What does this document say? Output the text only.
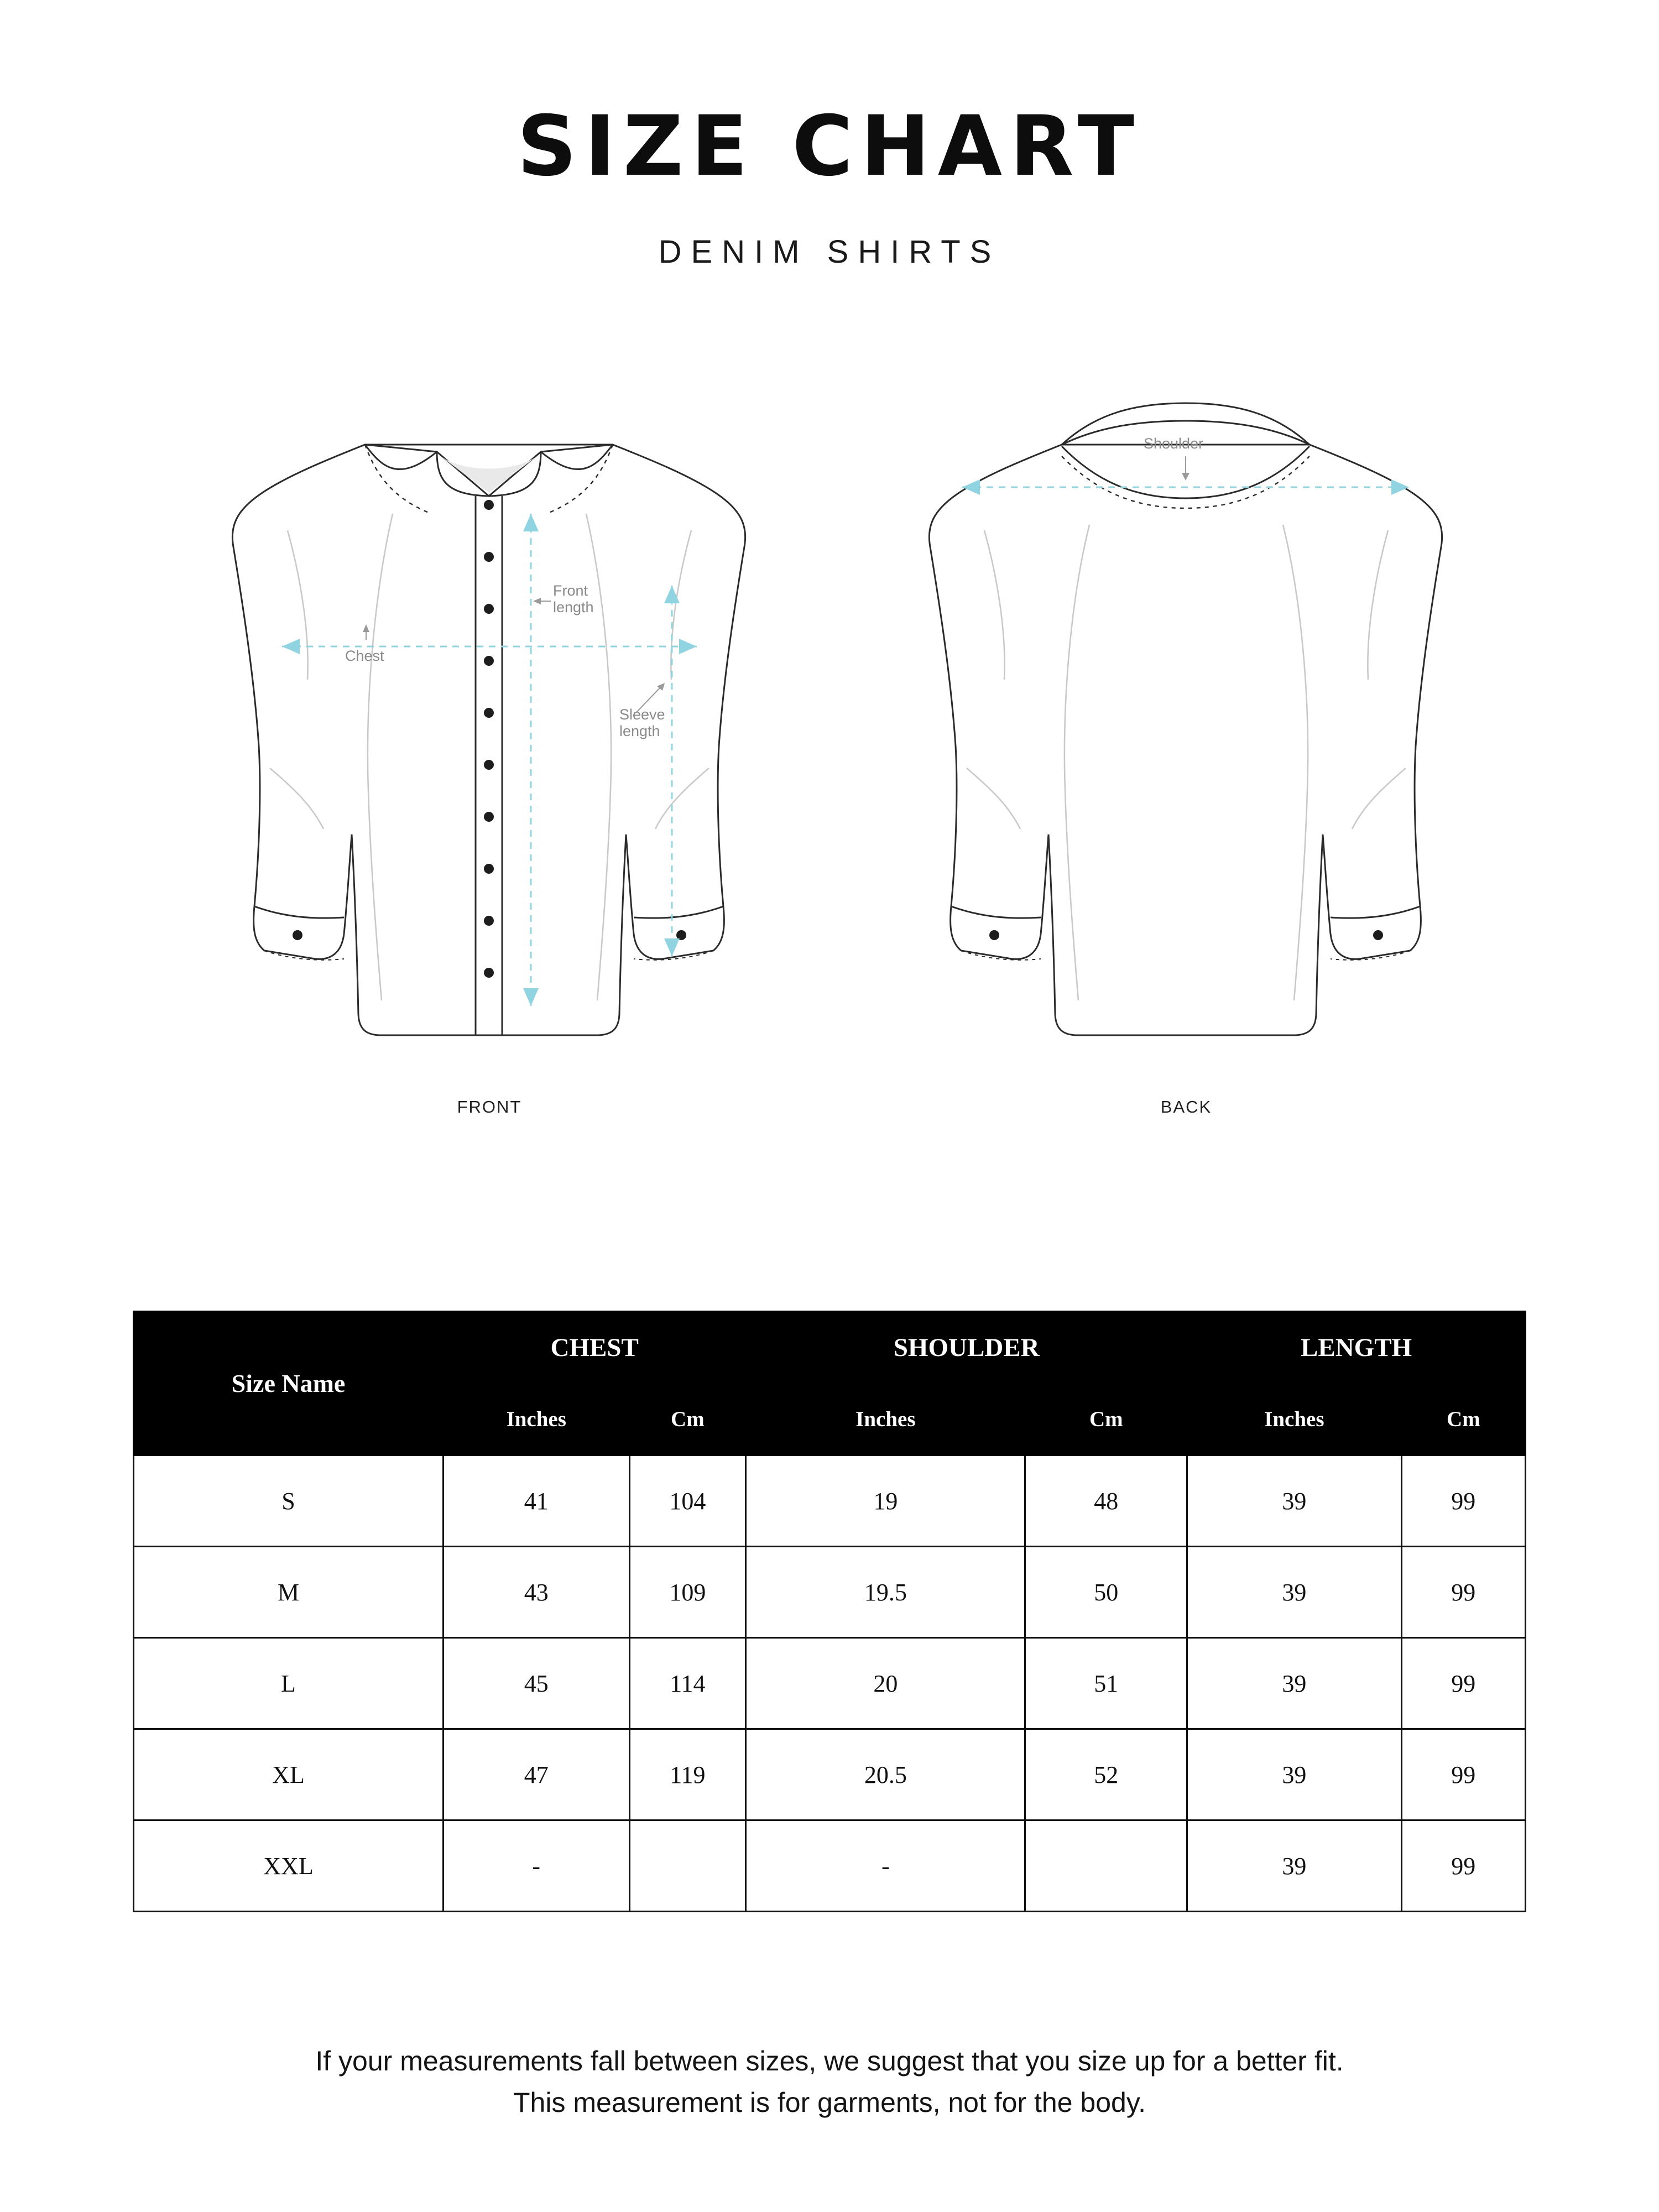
SIZE CHART
DENIM SHIRTS
Chest
Front
length
Sleeve
length
Shoulder
FRONT	BACK
Size Name	CHEST		SHOULDER		LENGTH	
	Inches	Cm	Inches	Cm	Inches	Cm
S	41	104	19	48	39	99
M	43	109	19.5	50	39	99
L	45	114	20	51	39	99
XL	47	119	20.5	52	39	99
XXL	-		-		39	99
If your measurements fall between sizes, we suggest that you size up for a better fit.
This measurement is for garments, not for the body.
